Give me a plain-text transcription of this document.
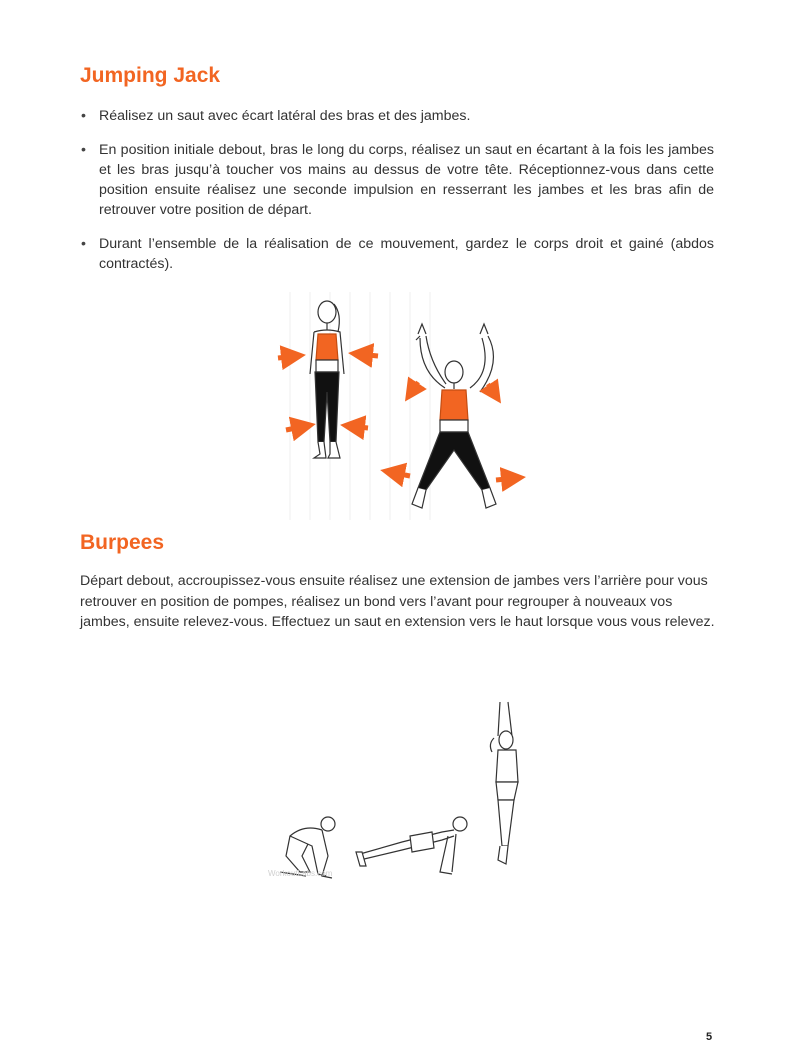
Jumping Jack
• Réalisez un saut avec écart latéral des bras et des jambes.
• En position initiale debout, bras le long du corps, réalisez un saut en écartant à la fois les jambes et les bras jusqu’à toucher vos mains au dessus de votre tête. Réceptionnez-vous dans cette position ensuite réalisez une seconde impulsion en resserrant les jambes et les bras afin de retrouver votre position de départ.
• Durant l’ensemble de la réalisation de ce mouvement, gardez le corps droit et gainé (abdos contractés).
Burpees

Départ debout, accroupissez-vous ensuite réalisez une extension de jambes vers l’arrière pour vous retrouver en position de pompes, réalisez un bond vers l’avant pour regrouper à nouveaux vos jambes, ensuite relevez-vous. Effectuez un saut en extension vers le haut lorsque vous vous relevez.

WorkoutLabs.com
5
